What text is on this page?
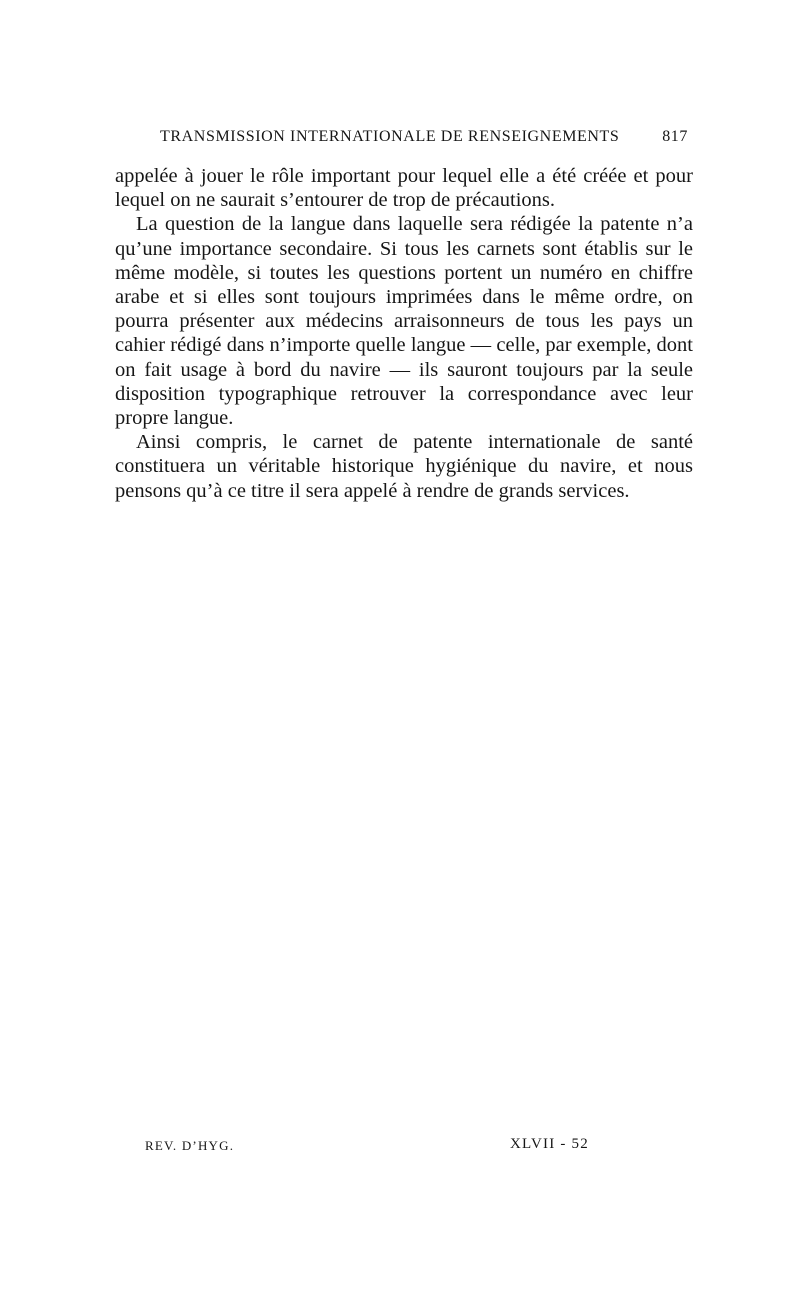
TRANSMISSION INTERNATIONALE DE RENSEIGNEMENTS	817

appelée à jouer le rôle important pour lequel elle a été créée et pour lequel on ne saurait s’entourer de trop de précautions.

La question de la langue dans laquelle sera rédigée la patente n’a qu’une importance secondaire. Si tous les carnets sont établis sur le même modèle, si toutes les questions portent un numéro en chiffre arabe et si elles sont toujours imprimées dans le même ordre, on pourra présenter aux médecins arraisonneurs de tous les pays un cahier rédigé dans n’importe quelle langue — celle, par exemple, dont on fait usage à bord du navire — ils sauront toujours par la seule disposition typographique retrouver la correspondance avec leur propre langue.

Ainsi compris, le carnet de patente internationale de santé constituera un véritable historique hygiénique du navire, et nous pensons qu’à ce titre il sera appelé à rendre de grands services.

REV. D’HYG.	XLVII - 52
